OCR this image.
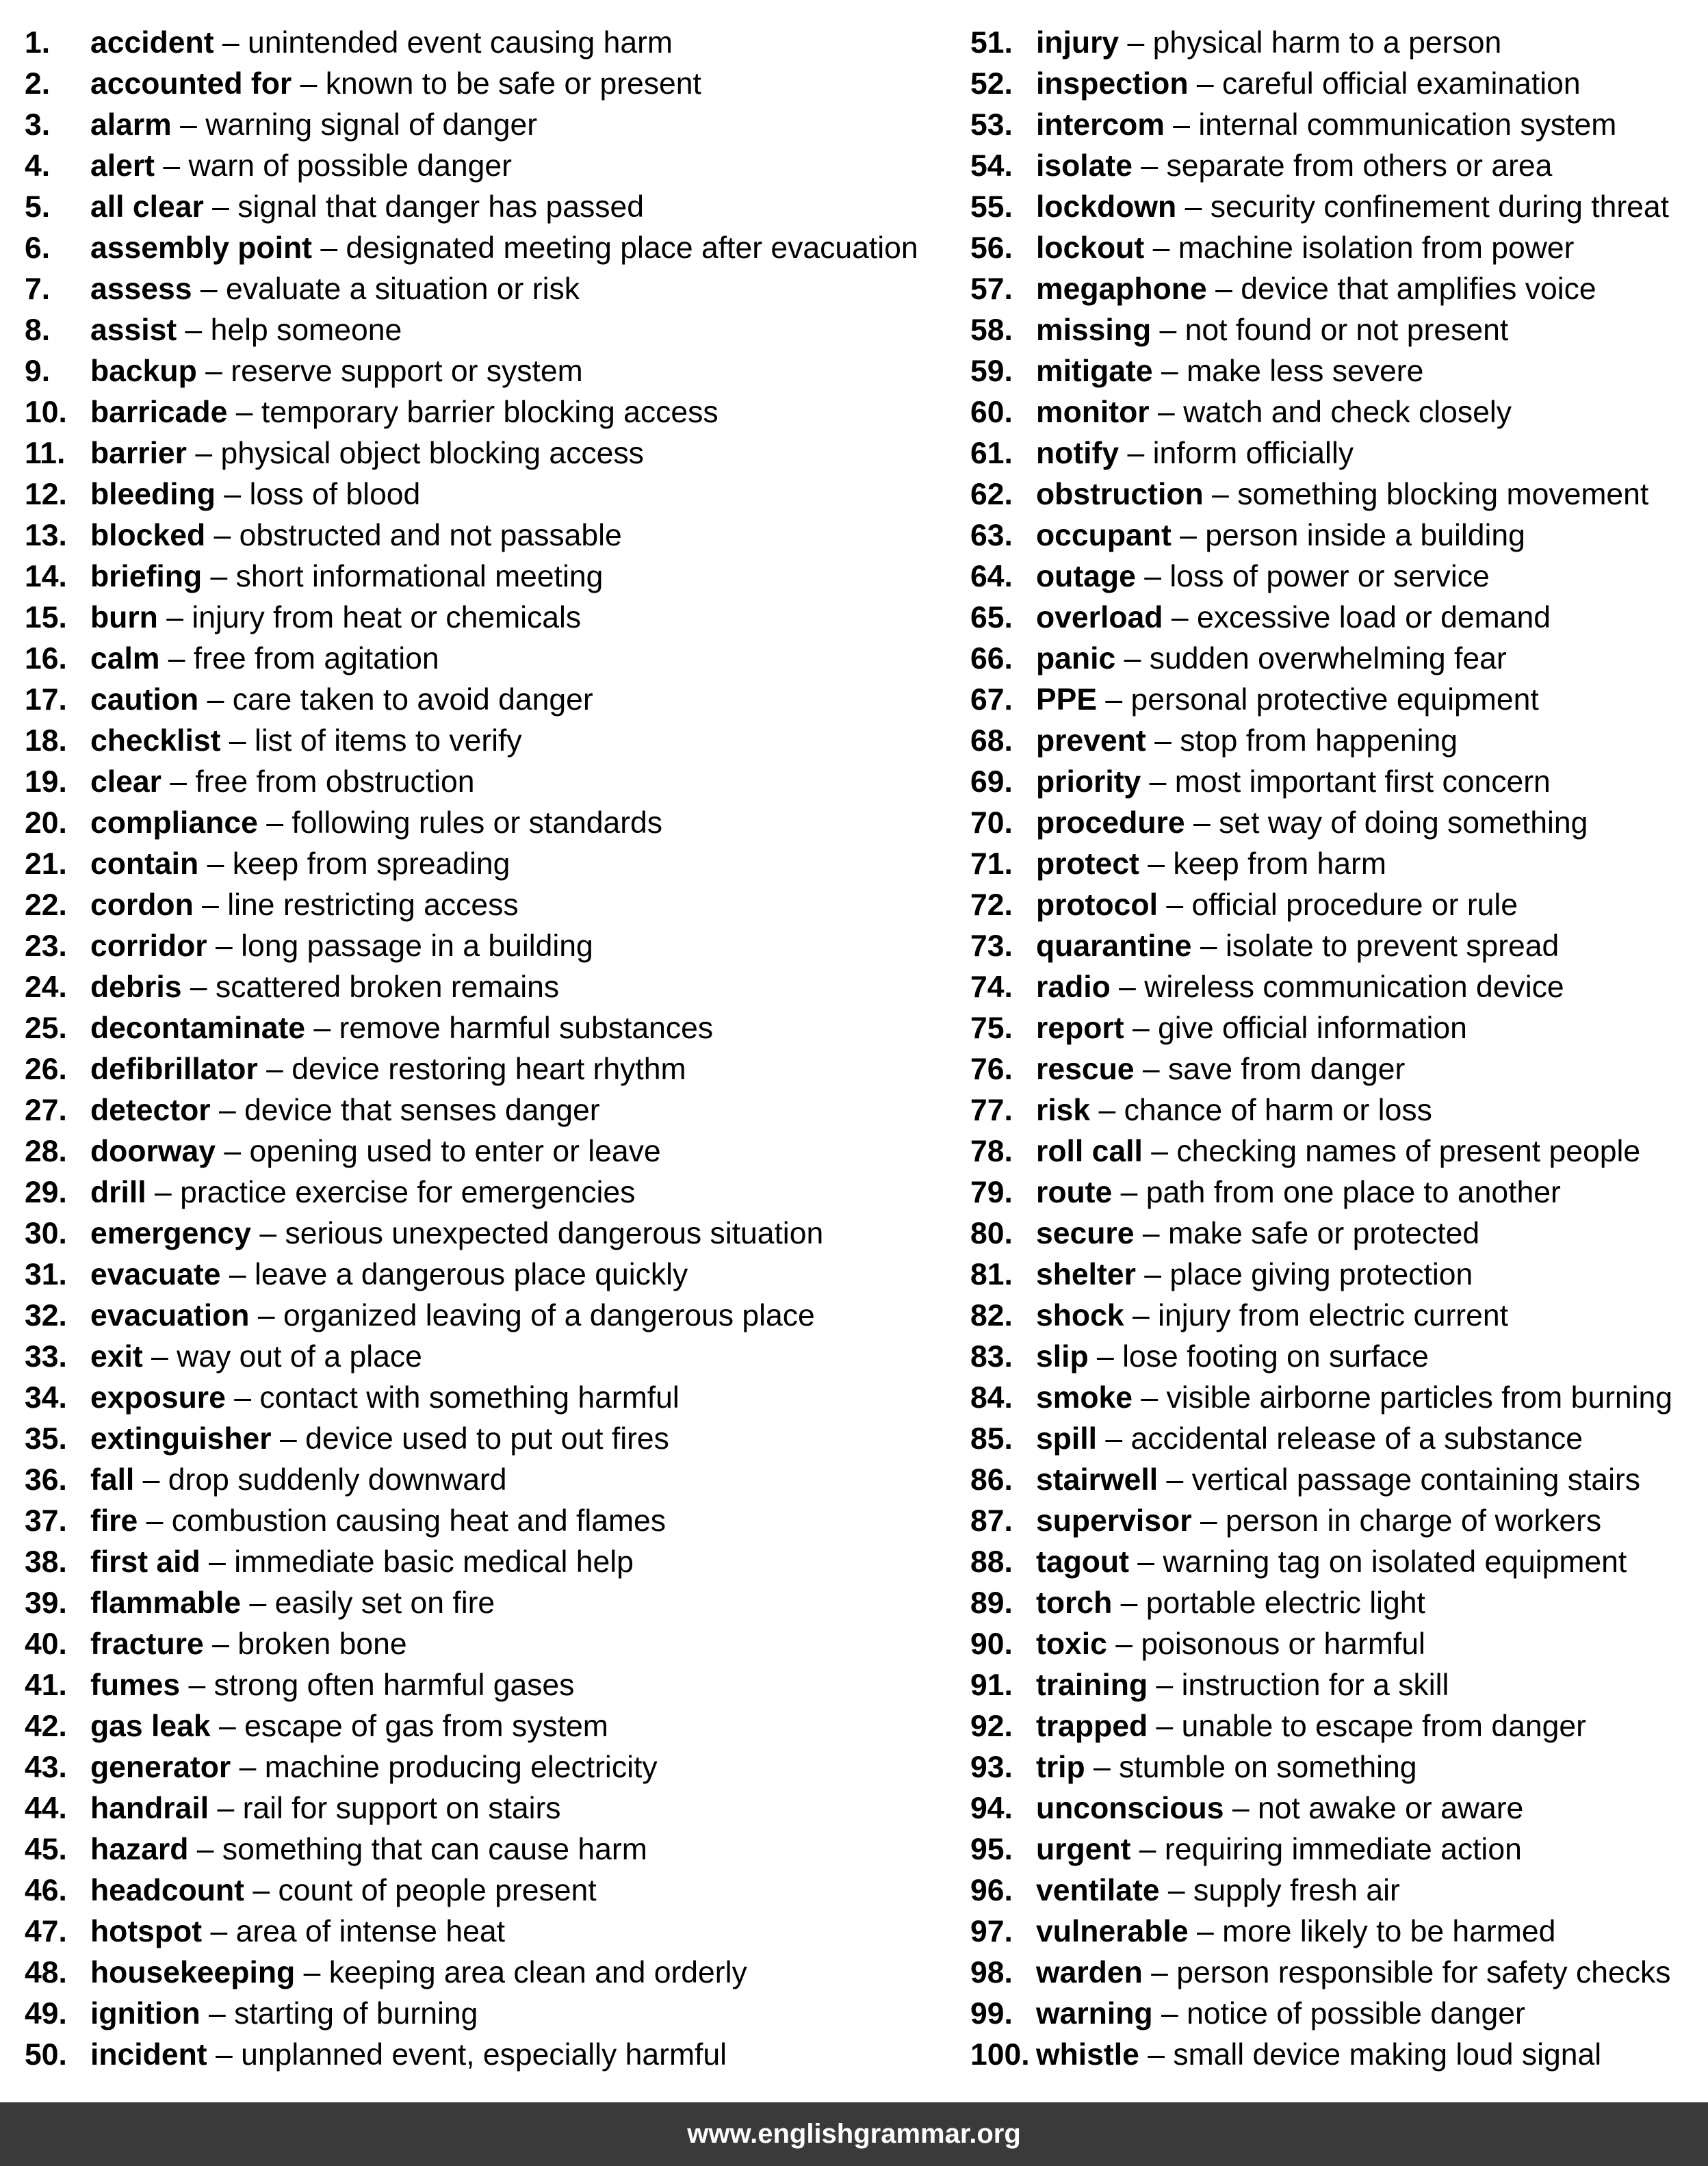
1. accident – unintended event causing harm
2. accounted for – known to be safe or present
3. alarm – warning signal of danger
4. alert – warn of possible danger
5. all clear – signal that danger has passed
6. assembly point – designated meeting place after evacuation
7. assess – evaluate a situation or risk
8. assist – help someone
9. backup – reserve support or system
10. barricade – temporary barrier blocking access
11. barrier – physical object blocking access
12. bleeding – loss of blood
13. blocked – obstructed and not passable
14. briefing – short informational meeting
15. burn – injury from heat or chemicals
16. calm – free from agitation
17. caution – care taken to avoid danger
18. checklist – list of items to verify
19. clear – free from obstruction
20. compliance – following rules or standards
21. contain – keep from spreading
22. cordon – line restricting access
23. corridor – long passage in a building
24. debris – scattered broken remains
25. decontaminate – remove harmful substances
26. defibrillator – device restoring heart rhythm
27. detector – device that senses danger
28. doorway – opening used to enter or leave
29. drill – practice exercise for emergencies
30. emergency – serious unexpected dangerous situation
31. evacuate – leave a dangerous place quickly
32. evacuation – organized leaving of a dangerous place
33. exit – way out of a place
34. exposure – contact with something harmful
35. extinguisher – device used to put out fires
36. fall – drop suddenly downward
37. fire – combustion causing heat and flames
38. first aid – immediate basic medical help
39. flammable – easily set on fire
40. fracture – broken bone
41. fumes – strong often harmful gases
42. gas leak – escape of gas from system
43. generator – machine producing electricity
44. handrail – rail for support on stairs
45. hazard – something that can cause harm
46. headcount – count of people present
47. hotspot – area of intense heat
48. housekeeping – keeping area clean and orderly
49. ignition – starting of burning
50. incident – unplanned event, especially harmful
51. injury – physical harm to a person
52. inspection – careful official examination
53. intercom – internal communication system
54. isolate – separate from others or area
55. lockdown – security confinement during threat
56. lockout – machine isolation from power
57. megaphone – device that amplifies voice
58. missing – not found or not present
59. mitigate – make less severe
60. monitor – watch and check closely
61. notify – inform officially
62. obstruction – something blocking movement
63. occupant – person inside a building
64. outage – loss of power or service
65. overload – excessive load or demand
66. panic – sudden overwhelming fear
67. PPE – personal protective equipment
68. prevent – stop from happening
69. priority – most important first concern
70. procedure – set way of doing something
71. protect – keep from harm
72. protocol – official procedure or rule
73. quarantine – isolate to prevent spread
74. radio – wireless communication device
75. report – give official information
76. rescue – save from danger
77. risk – chance of harm or loss
78. roll call – checking names of present people
79. route – path from one place to another
80. secure – make safe or protected
81. shelter – place giving protection
82. shock – injury from electric current
83. slip – lose footing on surface
84. smoke – visible airborne particles from burning
85. spill – accidental release of a substance
86. stairwell – vertical passage containing stairs
87. supervisor – person in charge of workers
88. tagout – warning tag on isolated equipment
89. torch – portable electric light
90. toxic – poisonous or harmful
91. training – instruction for a skill
92. trapped – unable to escape from danger
93. trip – stumble on something
94. unconscious – not awake or aware
95. urgent – requiring immediate action
96. ventilate – supply fresh air
97. vulnerable – more likely to be harmed
98. warden – person responsible for safety checks
99. warning – notice of possible danger
100. whistle – small device making loud signal
www.englishgrammar.org
